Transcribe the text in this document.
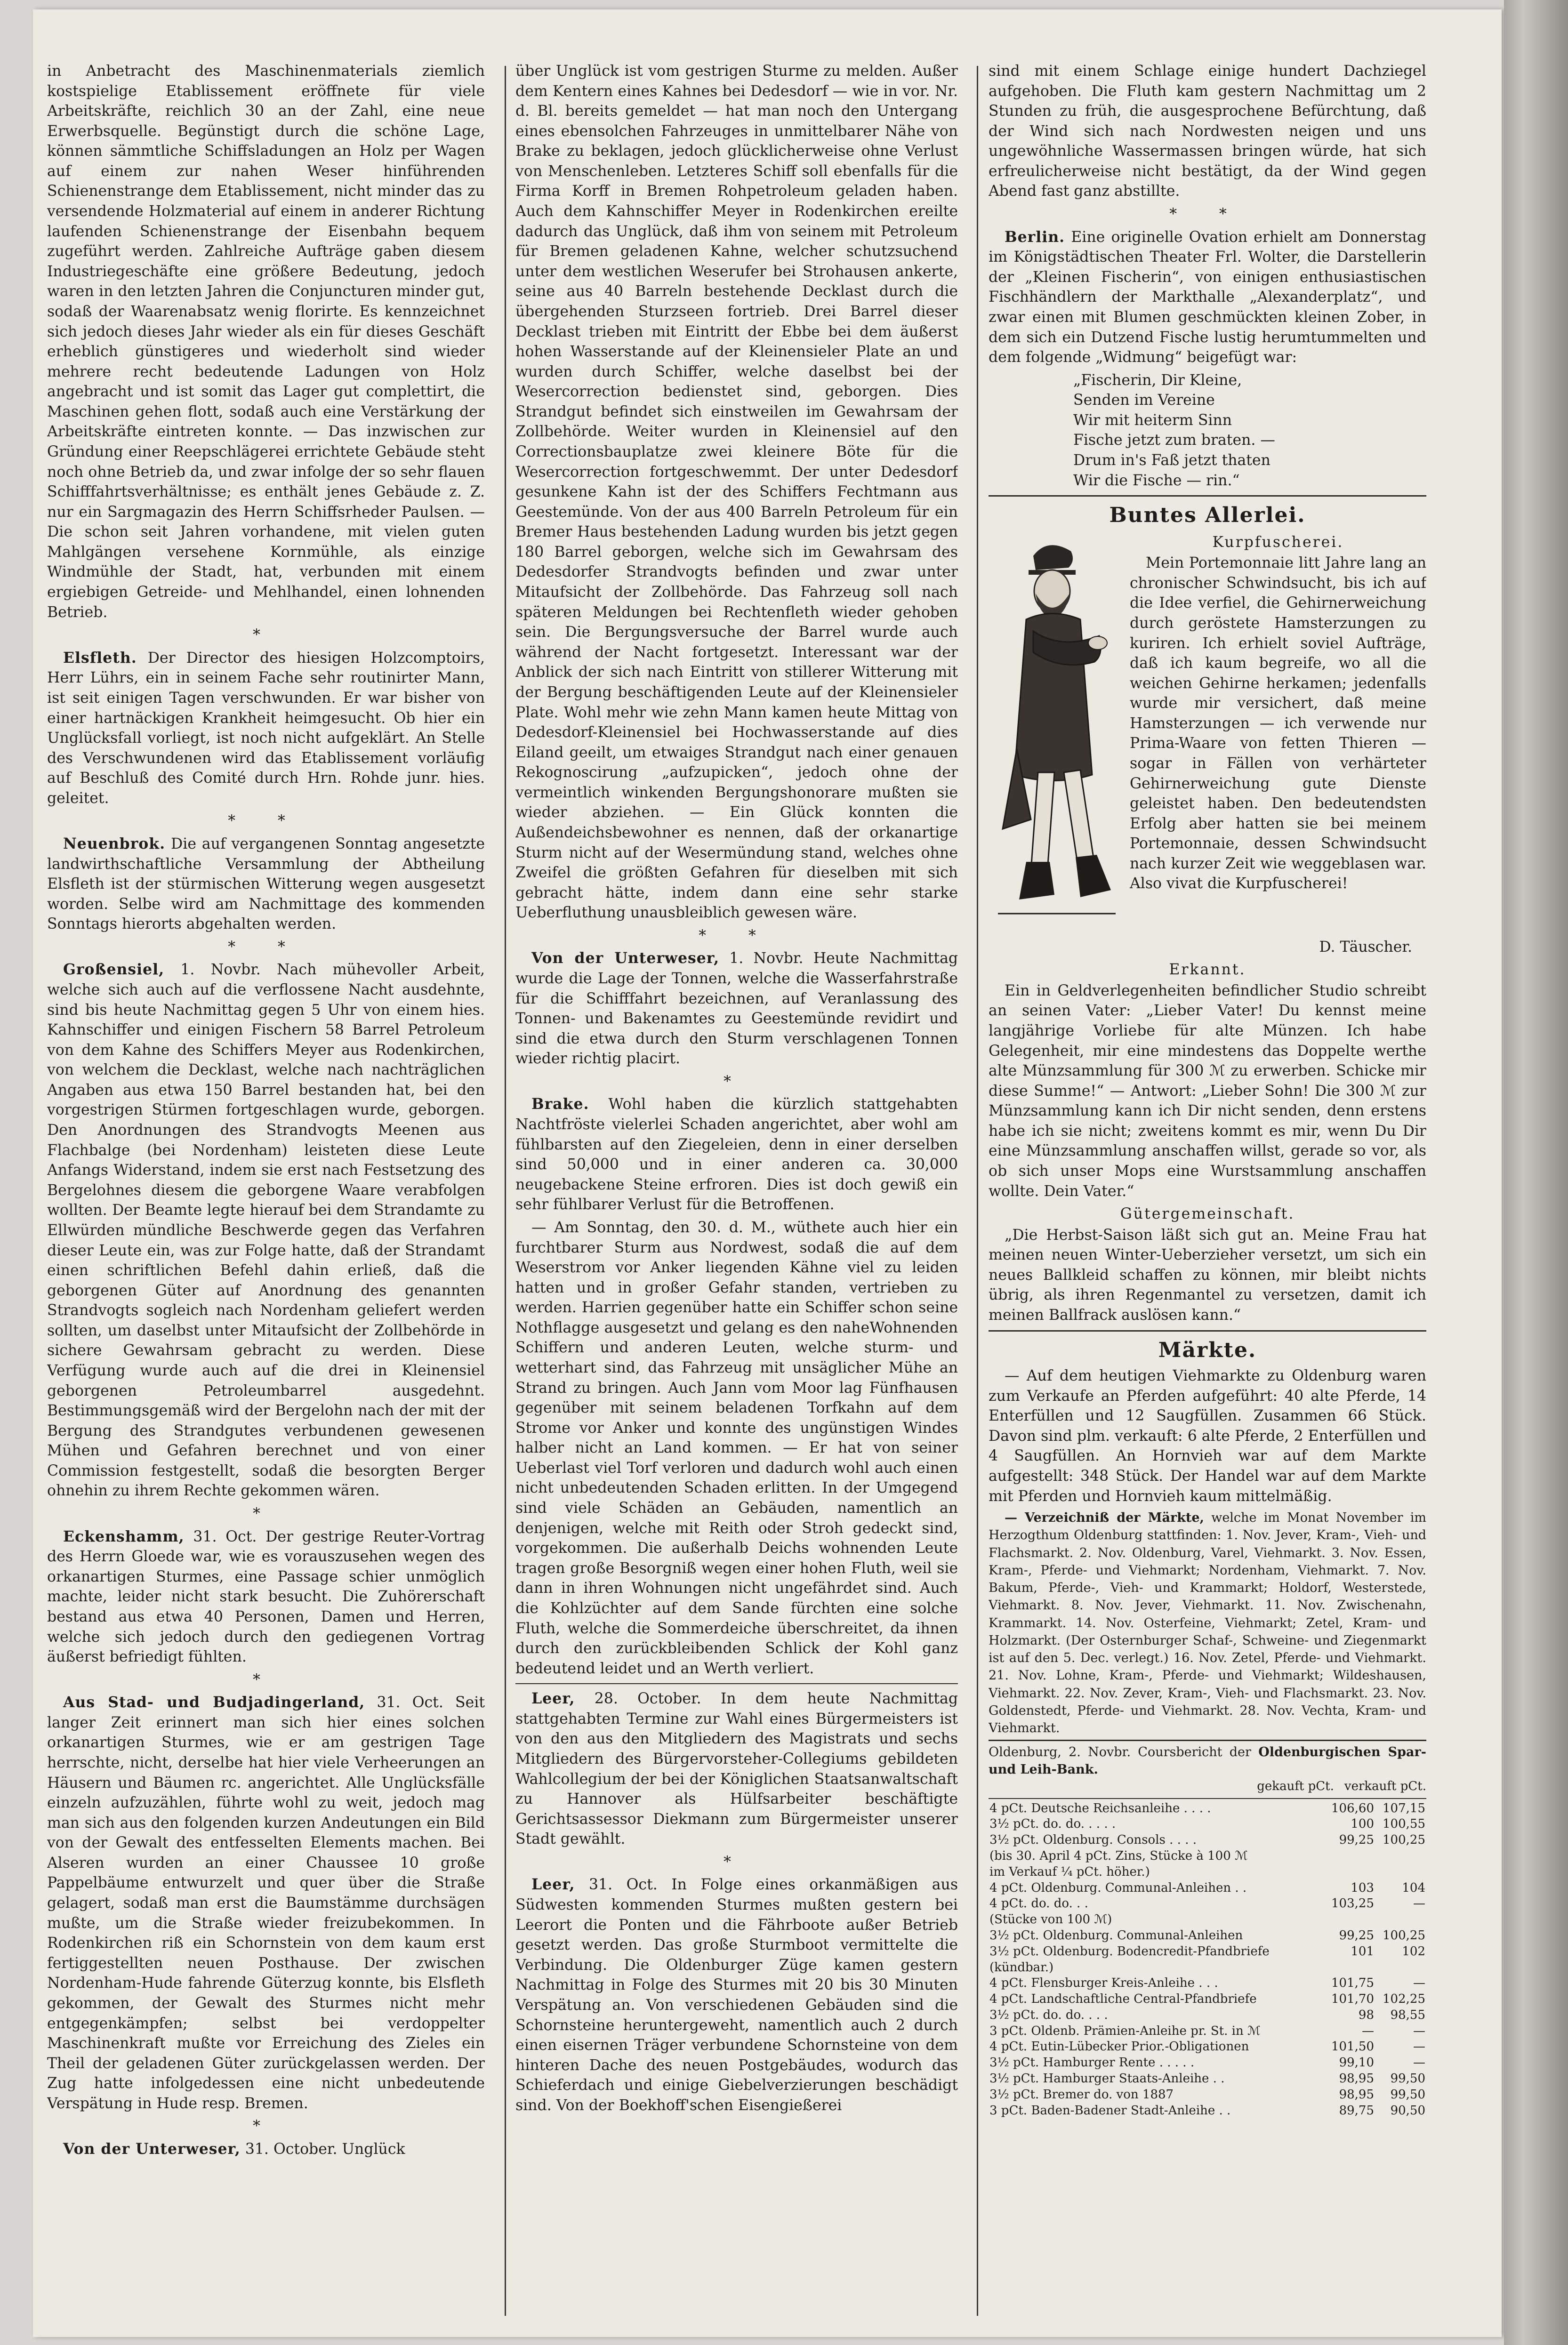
in Anbetracht des Maschinenmaterials ziemlich kostspielige Etablissement eröffnete für viele Arbeitskräfte, reichlich 30 an der Zahl, eine neue Erwerbsquelle. Begünstigt durch die schöne Lage, können sämmtliche Schiffsladungen an Holz per Wagen auf einem zur nahen Weser hinführenden Schienenstrange dem Etablissement, nicht minder das zu versendende Holzmaterial auf einem in anderer Richtung laufenden Schienenstrange der Eisenbahn bequem zugeführt werden. Zahlreiche Aufträge gaben diesem Industriegeschäfte eine größere Bedeutung, jedoch waren in den letzten Jahren die Conjuncturen minder gut, sodaß der Waarenabsatz wenig florirte. Es kennzeichnet sich jedoch dieses Jahr wieder als ein für dieses Geschäft erheblich günstigeres und wiederholt sind wieder mehrere recht bedeutende Ladungen von Holz angebracht und ist somit das Lager gut complettirt, die Maschinen gehen flott, sodaß auch eine Verstärkung der Arbeitskräfte eintreten konnte. — Das inzwischen zur Gründung einer Reepschlägerei errichtete Gebäude steht noch ohne Betrieb da, und zwar infolge der so sehr flauen Schifffahrtsverhältnisse; es enthält jenes Gebäude z. Z. nur ein Sargmagazin des Herrn Schiffsrheder Paulsen. — Die schon seit Jahren vorhandene, mit vielen guten Mahlgängen versehene Kornmühle, als einzige Windmühle der Stadt, hat, verbunden mit einem ergiebigen Getreide- und Mehlhandel, einen lohnenden Betrieb.

*

Elsfleth. Der Director des hiesigen Holzcomptoirs, Herr Lührs, ein in seinem Fache sehr routinirter Mann, ist seit einigen Tagen verschwunden. Er war bisher von einer hartnäckigen Krankheit heimgesucht. Ob hier ein Unglücksfall vorliegt, ist noch nicht aufgeklärt. An Stelle des Verschwundenen wird das Etablissement vorläufig auf Beschluß des Comité durch Hrn. Rohde junr. hies. geleitet.

* *

Neuenbrok. Die auf vergangenen Sonntag angesetzte landwirthschaftliche Versammlung der Abtheilung Elsfleth ist der stürmischen Witterung wegen ausgesetzt worden. Selbe wird am Nachmittage des kommenden Sonntags hierorts abgehalten werden.

* *

Großensiel, 1. Novbr. Nach mühevoller Arbeit, welche sich auch auf die verflossene Nacht ausdehnte, sind bis heute Nachmittag gegen 5 Uhr von einem hies. Kahnschiffer und einigen Fischern 58 Barrel Petroleum von dem Kahne des Schiffers Meyer aus Rodenkirchen, von welchem die Decklast, welche nach nachträglichen Angaben aus etwa 150 Barrel bestanden hat, bei den vorgestrigen Stürmen fortgeschlagen wurde, geborgen. Den Anordnungen des Strandvogts Meenen aus Flachbalge (bei Nordenham) leisteten diese Leute Anfangs Widerstand, indem sie erst nach Festsetzung des Bergelohnes diesem die geborgene Waare verabfolgen wollten. Der Beamte legte hierauf bei dem Strandamte zu Ellwürden mündliche Beschwerde gegen das Verfahren dieser Leute ein, was zur Folge hatte, daß der Strandamt einen schriftlichen Befehl dahin erließ, daß die geborgenen Güter auf Anordnung des genannten Strandvogts sogleich nach Nordenham geliefert werden sollten, um daselbst unter Mitaufsicht der Zollbehörde in sichere Gewahrsam gebracht zu werden. Diese Verfügung wurde auch auf die drei in Kleinensiel geborgenen Petroleumbarrel ausgedehnt. Bestimmungsgemäß wird der Bergelohn nach der mit der Bergung des Strandgutes verbundenen gewesenen Mühen und Gefahren berechnet und von einer Commission festgestellt, sodaß die besorgten Berger ohnehin zu ihrem Rechte gekommen wären.

*

Eckenshamm, 31. Oct. Der gestrige Reuter-Vortrag des Herrn Gloede war, wie es vorauszusehen wegen des orkanartigen Sturmes, eine Passage schier unmöglich machte, leider nicht stark besucht. Die Zuhörerschaft bestand aus etwa 40 Personen, Damen und Herren, welche sich jedoch durch den gediegenen Vortrag äußerst befriedigt fühlten.

*

Aus Stad- und Budjadingerland, 31. Oct. Seit langer Zeit erinnert man sich hier eines solchen orkanartigen Sturmes, wie er am gestrigen Tage herrschte, nicht, derselbe hat hier viele Verheerungen an Häusern und Bäumen rc. angerichtet. Alle Unglücksfälle einzeln aufzuzählen, führte wohl zu weit, jedoch mag man sich aus den folgenden kurzen Andeutungen ein Bild von der Gewalt des entfesselten Elements machen. Bei Alseren wurden an einer Chaussee 10 große Pappelbäume entwurzelt und quer über die Straße gelagert, sodaß man erst die Baumstämme durchsägen mußte, um die Straße wieder freizubekommen. In Rodenkirchen riß ein Schornstein von dem kaum erst fertiggestellten neuen Posthause. Der zwischen Nordenham-Hude fahrende Güterzug konnte, bis Elsfleth gekommen, der Gewalt des Sturmes nicht mehr entgegenkämpfen; selbst bei verdoppelter Maschinenkraft mußte vor Erreichung des Zieles ein Theil der geladenen Güter zurückgelassen werden. Der Zug hatte infolgedessen eine nicht unbedeutende Verspätung in Hude resp. Bremen.

*

Von der Unterweser, 31. October. Unglück

über Unglück ist vom gestrigen Sturme zu melden. Außer dem Kentern eines Kahnes bei Dedesdorf — wie in vor. Nr. d. Bl. bereits gemeldet — hat man noch den Untergang eines ebensolchen Fahrzeuges in unmittelbarer Nähe von Brake zu beklagen, jedoch glücklicherweise ohne Verlust von Menschenleben. Letzteres Schiff soll ebenfalls für die Firma Korff in Bremen Rohpetroleum geladen haben. Auch dem Kahnschiffer Meyer in Rodenkirchen ereilte dadurch das Unglück, daß ihm von seinem mit Petroleum für Bremen geladenen Kahne, welcher schutzsuchend unter dem westlichen Weserufer bei Strohausen ankerte, seine aus 40 Barreln bestehende Decklast durch die übergehenden Sturzseen fortrieb. Drei Barrel dieser Decklast trieben mit Eintritt der Ebbe bei dem äußerst hohen Wasserstande auf der Kleinensieler Plate an und wurden durch Schiffer, welche daselbst bei der Wesercorrection bedienstet sind, geborgen. Dies Strandgut befindet sich einstweilen im Gewahrsam der Zollbehörde. Weiter wurden in Kleinensiel auf den Correctionsbauplatze zwei kleinere Böte für die Wesercorrection fortgeschwemmt. Der unter Dedesdorf gesunkene Kahn ist der des Schiffers Fechtmann aus Geestemünde. Von der aus 400 Barreln Petroleum für ein Bremer Haus bestehenden Ladung wurden bis jetzt gegen 180 Barrel geborgen, welche sich im Gewahrsam des Dedesdorfer Strandvogts befinden und zwar unter Mitaufsicht der Zollbehörde. Das Fahrzeug soll nach späteren Meldungen bei Rechtenfleth wieder gehoben sein. Die Bergungsversuche der Barrel wurde auch während der Nacht fortgesetzt. Interessant war der Anblick der sich nach Eintritt von stillerer Witterung mit der Bergung beschäftigenden Leute auf der Kleinensieler Plate. Wohl mehr wie zehn Mann kamen heute Mittag von Dedesdorf-Kleinensiel bei Hochwasserstande auf dies Eiland geeilt, um etwaiges Strandgut nach einer genauen Rekognoscirung „aufzupicken“, jedoch ohne der vermeintlich winkenden Bergungshonorare mußten sie wieder abziehen. — Ein Glück konnten die Außendeichsbewohner es nennen, daß der orkanartige Sturm nicht auf der Wesermündung stand, welches ohne Zweifel die größten Gefahren für dieselben mit sich gebracht hätte, indem dann eine sehr starke Ueberfluthung unausbleiblich gewesen wäre.

* *

Von der Unterweser, 1. Novbr. Heute Nachmittag wurde die Lage der Tonnen, welche die Wasserfahrstraße für die Schifffahrt bezeichnen, auf Veranlassung des Tonnen- und Bakenamtes zu Geestemünde revidirt und sind die etwa durch den Sturm verschlagenen Tonnen wieder richtig placirt.

*

Brake. Wohl haben die kürzlich stattgehabten Nachtfröste vielerlei Schaden angerichtet, aber wohl am fühlbarsten auf den Ziegeleien, denn in einer derselben sind 50,000 und in einer anderen ca. 30,000 neugebackene Steine erfroren. Dies ist doch gewiß ein sehr fühlbarer Verlust für die Betroffenen.

— Am Sonntag, den 30. d. M., wüthete auch hier ein furchtbarer Sturm aus Nordwest, sodaß die auf dem Weserstrom vor Anker liegenden Kähne viel zu leiden hatten und in großer Gefahr standen, vertrieben zu werden. Harrien gegenüber hatte ein Schiffer schon seine Nothflagge ausgesetzt und gelang es den naheWohnenden Schiffern und anderen Leuten, welche sturm- und wetterhart sind, das Fahrzeug mit unsäglicher Mühe an Strand zu bringen. Auch Jann vom Moor lag Fünfhausen gegenüber mit seinem beladenen Torfkahn auf dem Strome vor Anker und konnte des ungünstigen Windes halber nicht an Land kommen. — Er hat von seiner Ueberlast viel Torf verloren und dadurch wohl auch einen nicht unbedeutenden Schaden erlitten. In der Umgegend sind viele Schäden an Gebäuden, namentlich an denjenigen, welche mit Reith oder Stroh gedeckt sind, vorgekommen. Die außerhalb Deichs wohnenden Leute tragen große Besorgniß wegen einer hohen Fluth, weil sie dann in ihren Wohnungen nicht ungefährdet sind. Auch die Kohlzüchter auf dem Sande fürchten eine solche Fluth, welche die Sommerdeiche überschreitet, da ihnen durch den zurückbleibenden Schlick der Kohl ganz bedeutend leidet und an Werth verliert.

Leer, 28. October. In dem heute Nachmittag stattgehabten Termine zur Wahl eines Bürgermeisters ist von den aus den Mitgliedern des Magistrats und sechs Mitgliedern des Bürgervorsteher-Collegiums gebildeten Wahlcollegium der bei der Königlichen Staatsanwaltschaft zu Hannover als Hülfsarbeiter beschäftigte Gerichtsassessor Diekmann zum Bürgermeister unserer Stadt gewählt.

*

Leer, 31. Oct. In Folge eines orkanmäßigen aus Südwesten kommenden Sturmes mußten gestern bei Leerort die Ponten und die Fährboote außer Betrieb gesetzt werden. Das große Sturmboot vermittelte die Verbindung. Die Oldenburger Züge kamen gestern Nachmittag in Folge des Sturmes mit 20 bis 30 Minuten Verspätung an. Von verschiedenen Gebäuden sind die Schornsteine heruntergeweht, namentlich auch 2 durch einen eisernen Träger verbundene Schornsteine von dem hinteren Dache des neuen Postgebäudes, wodurch das Schieferdach und einige Giebelverzierungen beschädigt sind. Von der Boekhoff'schen Eisengießerei

sind mit einem Schlage einige hundert Dachziegel aufgehoben. Die Fluth kam gestern Nachmittag um 2 Stunden zu früh, die ausgesprochene Befürchtung, daß der Wind sich nach Nordwesten neigen und uns ungewöhnliche Wassermassen bringen würde, hat sich erfreulicherweise nicht bestätigt, da der Wind gegen Abend fast ganz abstillte.

* *

Berlin. Eine originelle Ovation erhielt am Donnerstag im Königstädtischen Theater Frl. Wolter, die Darstellerin der „Kleinen Fischerin“, von einigen enthusiastischen Fischhändlern der Markthalle „Alexanderplatz“, und zwar einen mit Blumen geschmückten kleinen Zober, in dem sich ein Dutzend Fische lustig herumtummelten und dem folgende „Widmung“ beigefügt war:

„Fischerin, Dir Kleine,
Senden im Vereine
Wir mit heiterm Sinn
Fische jetzt zum braten. —
Drum in's Faß jetzt thaten
Wir die Fische — rin.“
Buntes Allerlei.
Kurpfuscherei.

Mein Portemonnaie litt Jahre lang an chronischer Schwindsucht, bis ich auf die Idee verfiel, die Gehirnerweichung durch geröstete Hamsterzungen zu kuriren. Ich erhielt soviel Aufträge, daß ich kaum begreife, wo all die weichen Gehirne herkamen; jedenfalls wurde mir versichert, daß meine Hamsterzungen — ich verwende nur Prima-Waare von fetten Thieren — sogar in Fällen von verhärteter Gehirnerweichung gute Dienste geleistet haben. Den bedeutendsten Erfolg aber hatten sie bei meinem Portemonnaie, dessen Schwindsucht nach kurzer Zeit wie weggeblasen war. Also vivat die Kurpfuscherei!

D. Täuscher.
Erkannt.

Ein in Geldverlegenheiten befindlicher Studio schreibt an seinen Vater: „Lieber Vater! Du kennst meine langjährige Vorliebe für alte Münzen. Ich habe Gelegenheit, mir eine mindestens das Doppelte werthe alte Münzsammlung für 300 ℳ zu erwerben. Schicke mir diese Summe!“ — Antwort: „Lieber Sohn! Die 300 ℳ zur Münzsammlung kann ich Dir nicht senden, denn erstens habe ich sie nicht; zweitens kommt es mir, wenn Du Dir eine Münzsammlung anschaffen willst, gerade so vor, als ob sich unser Mops eine Wurstsammlung anschaffen wollte. Dein Vater.“

Gütergemeinschaft.

„Die Herbst-Saison läßt sich gut an. Meine Frau hat meinen neuen Winter-Ueberzieher versetzt, um sich ein neues Ballkleid schaffen zu können, mir bleibt nichts übrig, als ihren Regenmantel zu versetzen, damit ich meinen Ballfrack auslösen kann.“

Märkte.

— Auf dem heutigen Viehmarkte zu Oldenburg waren zum Verkaufe an Pferden aufgeführt: 40 alte Pferde, 14 Enterfüllen und 12 Saugfüllen. Zusammen 66 Stück. Davon sind plm. verkauft: 6 alte Pferde, 2 Enterfüllen und 4 Saugfüllen. An Hornvieh war auf dem Markte aufgestellt: 348 Stück. Der Handel war auf dem Markte mit Pferden und Hornvieh kaum mittelmäßig.

— Verzeichniß der Märkte, welche im Monat November im Herzogthum Oldenburg stattfinden: 1. Nov. Jever, Kram-, Vieh- und Flachsmarkt. 2. Nov. Oldenburg, Varel, Viehmarkt. 3. Nov. Essen, Kram-, Pferde- und Viehmarkt; Nordenham, Viehmarkt. 7. Nov. Bakum, Pferde-, Vieh- und Krammarkt; Holdorf, Westerstede, Viehmarkt. 8. Nov. Jever, Viehmarkt. 11. Nov. Zwischenahn, Krammarkt. 14. Nov. Osterfeine, Viehmarkt; Zetel, Kram- und Holzmarkt. (Der Osternburger Schaf-, Schweine- und Ziegenmarkt ist auf den 5. Dec. verlegt.) 16. Nov. Zetel, Pferde- und Viehmarkt. 21. Nov. Lohne, Kram-, Pferde- und Viehmarkt; Wildeshausen, Viehmarkt. 22. Nov. Zever, Kram-, Vieh- und Flachsmarkt. 23. Nov. Goldenstedt, Pferde- und Viehmarkt. 28. Nov. Vechta, Kram- und Viehmarkt.

Oldenburg, 2. Novbr. Coursbericht der Oldenburgischen Spar- und Leih-Bank.
gekauft pCt. verkauft pCt.
4 pCt. Deutsche Reichsanleihe . . . .	106,60	107,15
3½ pCt. do. do. . . . .	100	100,55
3½ pCt. Oldenburg. Consols . . . .	99,25	100,25
(bis 30. April 4 pCt. Zins, Stücke à 100 ℳ		
im Verkauf ¼ pCt. höher.)		
4 pCt. Oldenburg. Communal-Anleihen . .	103	104
4 pCt. do. do. . .	103,25	—
(Stücke von 100 ℳ)		
3½ pCt. Oldenburg. Communal-Anleihen	99,25	100,25
3½ pCt. Oldenburg. Bodencredit-Pfandbriefe	101	102
(kündbar.)		
4 pCt. Flensburger Kreis-Anleihe . . .	101,75	—
4 pCt. Landschaftliche Central-Pfandbriefe	101,70	102,25
3½ pCt. do. do. . . .	98	98,55
3 pCt. Oldenb. Prämien-Anleihe pr. St. in ℳ	—	—
4 pCt. Eutin-Lübecker Prior.-Obligationen	101,50	—
3½ pCt. Hamburger Rente . . . . .	99,10	—
3½ pCt. Hamburger Staats-Anleihe . .	98,95	99,50
3½ pCt. Bremer do. von 1887	98,95	99,50
3 pCt. Baden-Badener Stadt-Anleihe . .	89,75	90,50
